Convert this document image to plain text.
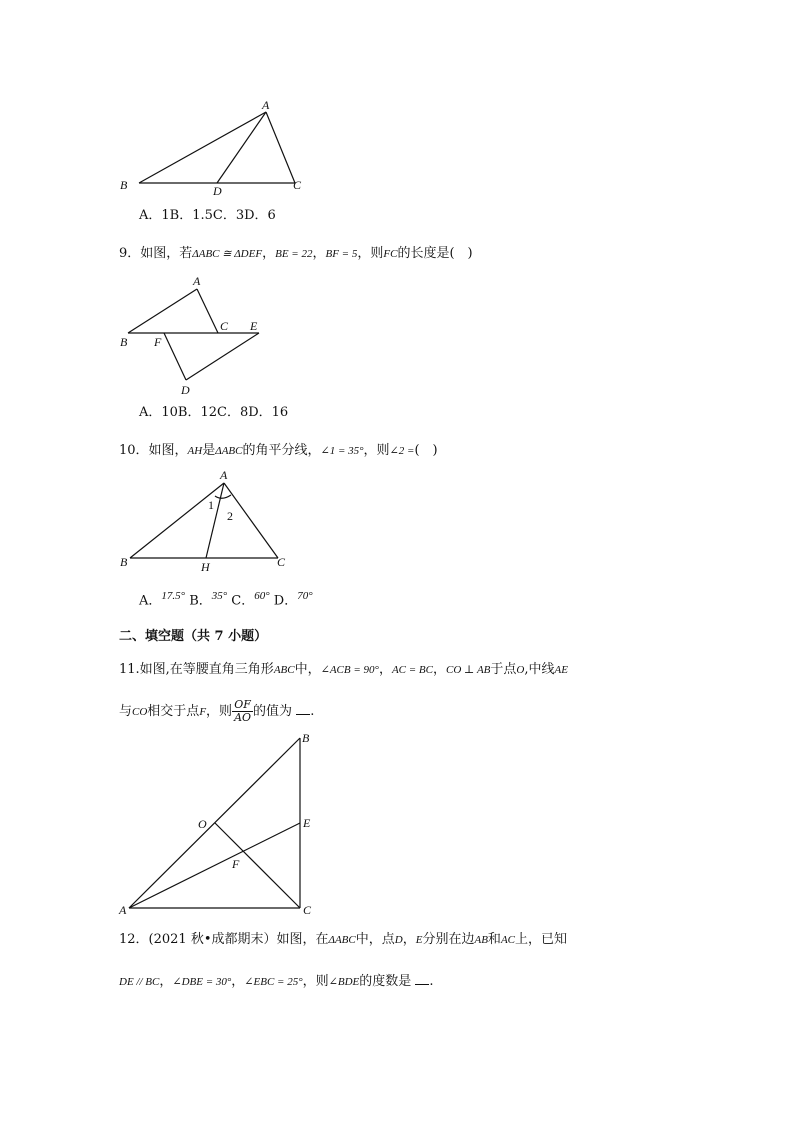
A
B	C
D
A．1B．1.5C．3D．6
9．如图，若ΔABC ≅ ΔDEF，BE = 22，BF = 5，则FC的长度是(　)
A
B
C E
F
D
A．10B．12C．8D．16
10．如图，AH是ΔABC的角平分线，∠1 = 35°，则∠2 =(　)
A
B	C
H
1
2
A．$^{17.5^\circ}$ B．$^{35^\circ}$ C．$^{60^\circ}$ D．$^{70^\circ}$
二、填空题（共 7 小题）
11.如图,在等腰直角三角形ABC中，∠ACB = 90°，AC = BC，CO ⊥ AB于点O,中线AE
与CO相交于点F，则 $\frac{OF}{AO}$ 的值为 .
B
O	E
F
A	C
12．(2021 秋•成都期末）如图，在ΔABC中，点D，E分别在边AB和AC上，已知
DE // BC，∠DBE = 30°，∠EBC = 25°，则∠BDE的度数是 .
